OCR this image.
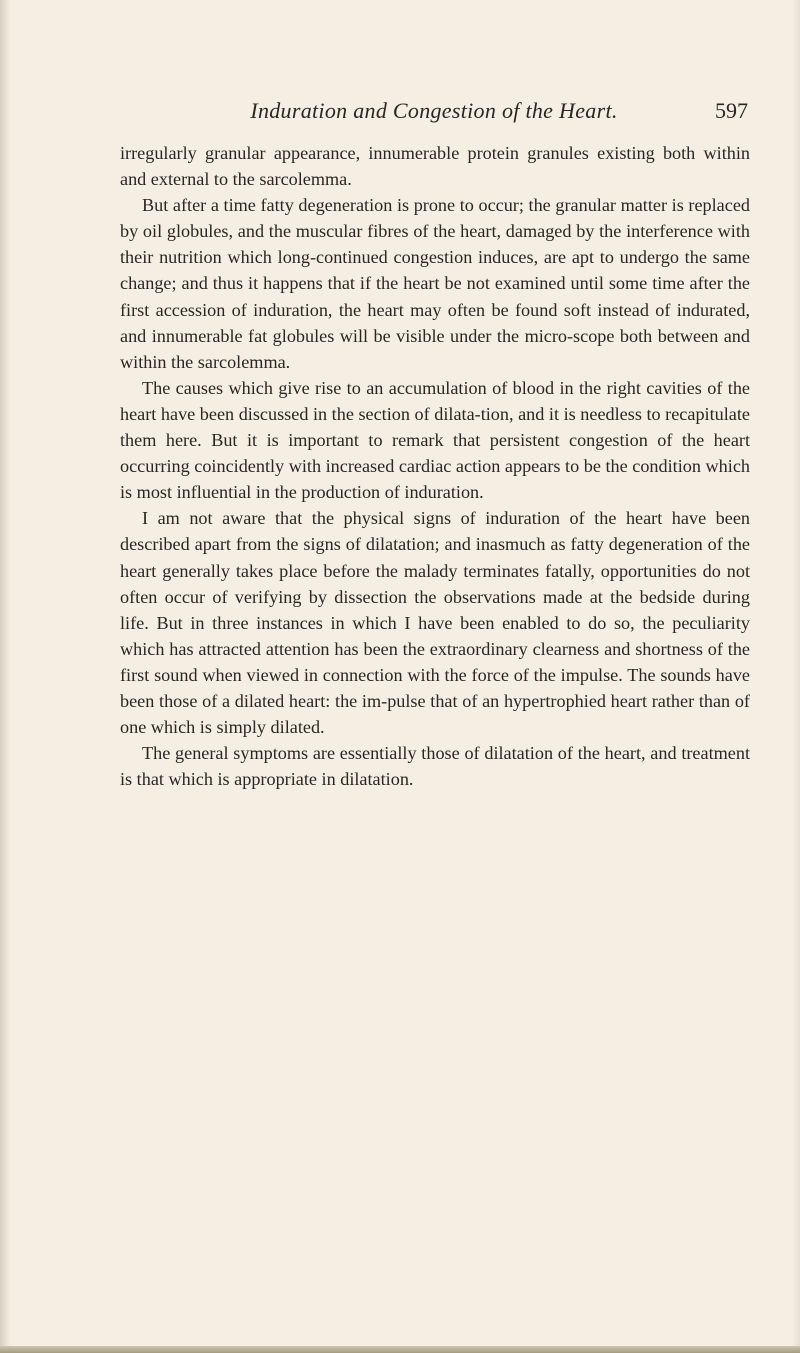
Induration and Congestion of the Heart.	597

irregularly granular appearance, innumerable protein granules existing both within and external to the sarcolemma.

But after a time fatty degeneration is prone to occur; the granular matter is replaced by oil globules, and the muscular fibres of the heart, damaged by the interference with their nutrition which long-continued congestion induces, are apt to undergo the same change; and thus it happens that if the heart be not examined until some time after the first accession of induration, the heart may often be found soft instead of indurated, and innumerable fat globules will be visible under the micro-scope both between and within the sarcolemma.

The causes which give rise to an accumulation of blood in the right cavities of the heart have been discussed in the section of dilata-tion, and it is needless to recapitulate them here. But it is important to remark that persistent congestion of the heart occurring coincidently with increased cardiac action appears to be the condition which is most influential in the production of induration.

I am not aware that the physical signs of induration of the heart have been described apart from the signs of dilatation; and inasmuch as fatty degeneration of the heart generally takes place before the malady terminates fatally, opportunities do not often occur of verifying by dissection the observations made at the bedside during life. But in three instances in which I have been enabled to do so, the peculiarity which has attracted attention has been the extraordinary clearness and shortness of the first sound when viewed in connection with the force of the impulse. The sounds have been those of a dilated heart: the im-pulse that of an hypertrophied heart rather than of one which is simply dilated.

The general symptoms are essentially those of dilatation of the heart, and treatment is that which is appropriate in dilatation.
